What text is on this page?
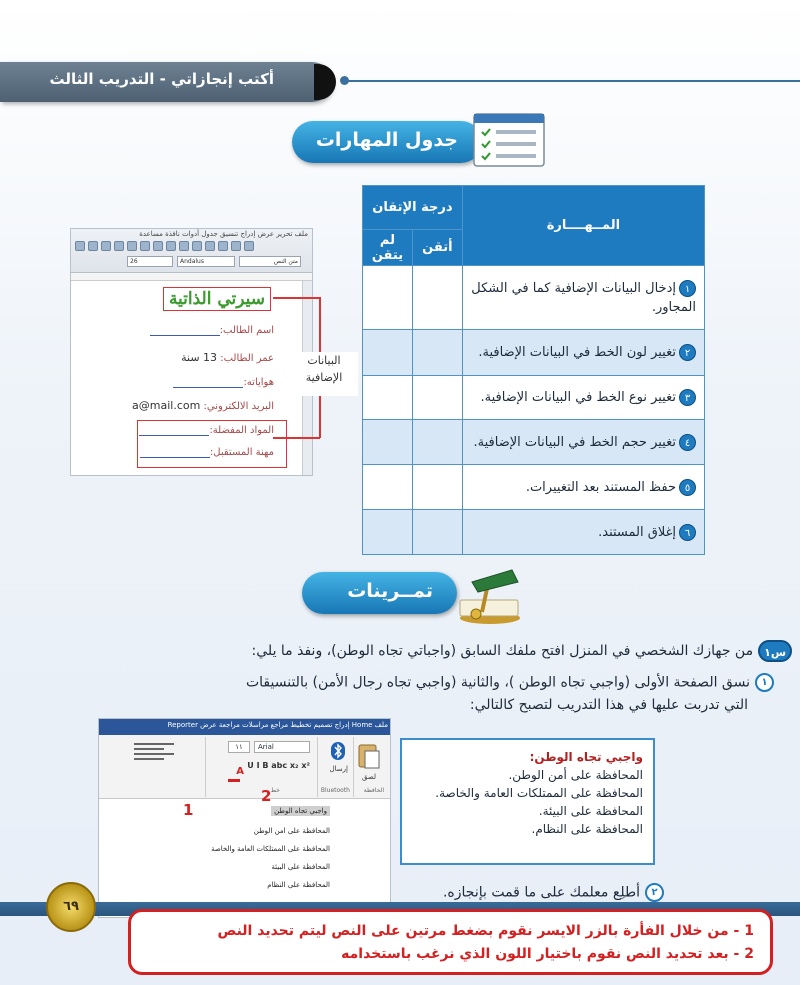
أكتب إنجازاتي - التدريب الثالث
جدول المهارات
المــهــــارة	درجة الإتقان	
	أتقن	لم يتقن
١إدخال البيانات الإضافية كما في الشكل المجاور.		
٢تغيير لون الخط في البيانات الإضافية.		
٣تغيير نوع الخط في البيانات الإضافية.		
٤تغيير حجم الخط في البيانات الإضافية.		
٥حفظ المستند بعد التغييرات.		
٦إغلاق المستند.		
ملف تحرير عرض إدراج تنسيق جدول أدوات نافذة مساعدة
26	Andalus	متن النص
سيرتي الذاتية
اسم الطالب:
عمر الطالب: 13 سنة
هواياته:
البريد الالكتروني: a@mail.com
المواد المفضلة:
مهنة المستقبل:
البيانات الإضافية
تمــرينات
س١من جهازك الشخصي في المنزل افتح ملفك السابق (واجباتي تجاه الوطن)، ونفذ ما يلي:
١نسق الصفحة الأولى (واجبي تجاه الوطن )، والثانية (واجبي تجاه رجال الأمن) بالتنسيقات
التي تدربت عليها في هذا التدريب لتصبح كالتالي:
ملف Home إدراج تصميم تخطيط مراجع مراسلات مراجعة عرض Reporter
لصق
الحافظة
إرسال
Bluetooth
Arial
١١
U I B abc x₂ x²
A
خط
2
1	واجبي تجاه الوطن
المحافظة على امن الوطن
المحافظة على الممتلكات العامة والخاصة
المحافظة على البيئة
المحافظة على النظام
واجبي تجاه الوطن:
المحافظة على أمن الوطن.
المحافظة على الممتلكات العامة والخاصة.
المحافظة على البيئة.
المحافظة على النظام.
٢أطلِع معلمك على ما قمت بإنجازه.
٦٩
1 - من خلال الفأرة بالزر الايسر نقوم بضغط مرتين على النص ليتم تحديد النص
2 - بعد تحديد النص نقوم باختيار اللون الذي نرغب باستخدامه
